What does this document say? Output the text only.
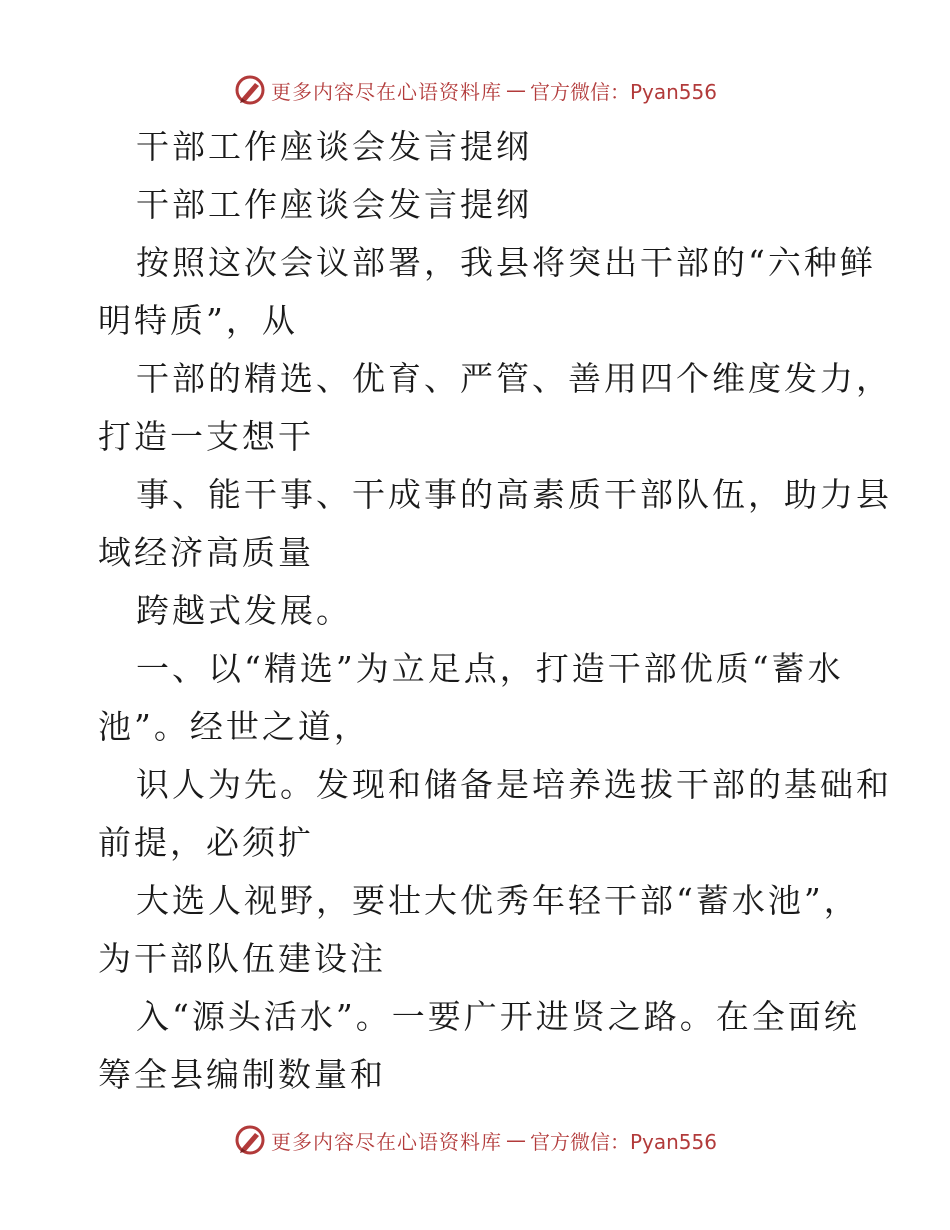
更多内容尽在心语资料库 — 官方微信：Pyan556
干部工作座谈会发言提纲
干部工作座谈会发言提纲
按照这次会议部署，我县将突出干部的“六种鲜
明特质”，从
干部的精选、优育、严管、善用四个维度发力，
打造一支想干
事、能干事、干成事的高素质干部队伍，助力县
域经济高质量
跨越式发展。
一、以“精选”为立足点，打造干部优质“蓄水
池”。经世之道，
识人为先。发现和储备是培养选拔干部的基础和
前提，必须扩
大选人视野，要壮大优秀年轻干部“蓄水池”，
为干部队伍建设注
入“源头活水”。一要广开进贤之路。在全面统
筹全县编制数量和
更多内容尽在心语资料库 — 官方微信：Pyan556
